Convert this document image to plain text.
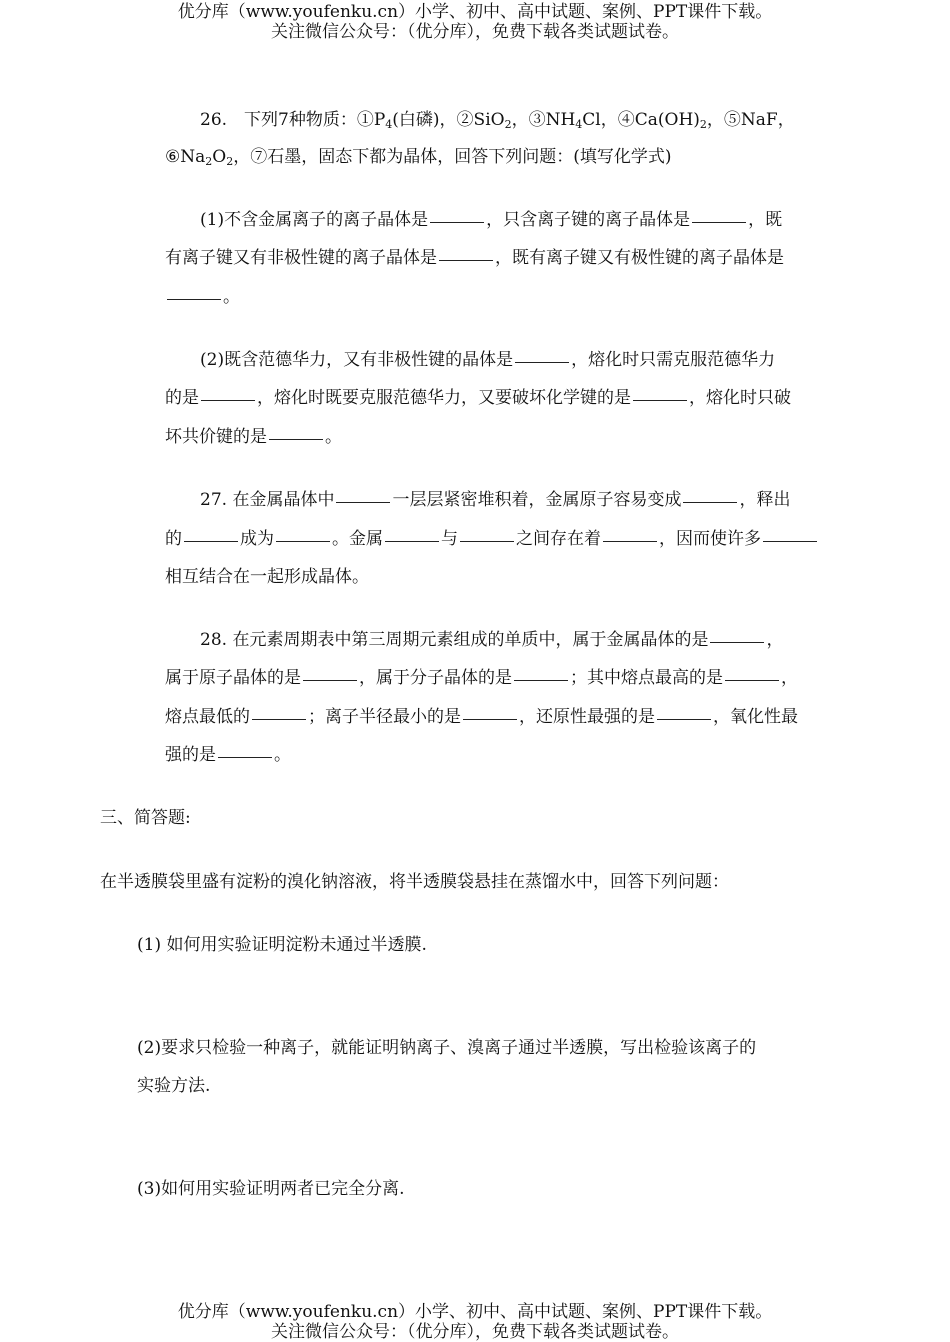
优分库（www.youfenku.cn）小学、初中、高中试题、案例、PPT课件下载。
关注微信公众号：（优分库），免费下载各类试题试卷。
26.　下列7种物质：$①P_4$(白磷)，②SiO$_2$，$③NH_4Cl$，$④Ca(OH)_2$，⑤NaF，
$⑥Na_2O_2$，⑦石墨，固态下都为晶体，回答下列问题：(填写化学式)
(1)不含金属离子的离子晶体是	，只含离子键的离子晶体是	，既
有离子键又有非极性键的离子晶体是	，既有离子键又有极性键的离子晶体是
。
(2)既含范德华力，又有非极性键的晶体是	，熔化时只需克服范德华力
的是	，熔化时既要克服范德华力，又要破坏化学键的是	，熔化时只破
坏共价键的是	。
27. 在金属晶体中	一层层紧密堆积着，金属原子容易变成	，释出
的	成为	。金属	与	之间存在着	，因而使许多
相互结合在一起形成晶体。
28. 在元素周期表中第三周期元素组成的单质中，属于金属晶体的是	，
属于原子晶体的是	，属于分子晶体的是	；其中熔点最高的是	，
熔点最低的	；离子半径最小的是	，还原性最强的是	，氧化性最
强的是	。
三、简答题:
在半透膜袋里盛有淀粉的溴化钠溶液，将半透膜袋悬挂在蒸馏水中，回答下列问题：
(1) 如何用实验证明淀粉未通过半透膜.
(2)要求只检验一种离子，就能证明钠离子、溴离子通过半透膜，写出检验该离子的
实验方法.
(3)如何用实验证明两者已完全分离.
优分库（www.youfenku.cn）小学、初中、高中试题、案例、PPT课件下载。
关注微信公众号：（优分库），免费下载各类试题试卷。
